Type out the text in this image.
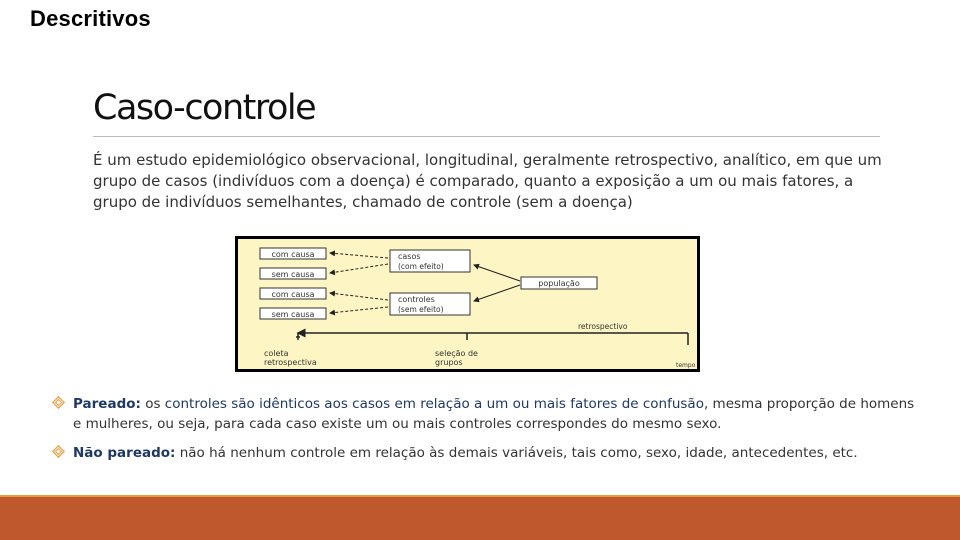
Descritivos
Caso-controle
É um estudo epidemiológico observacional, longitudinal, geralmente retrospectivo, analítico, em que um grupo de casos (indivíduos com a doença) é comparado, quanto a exposição a um ou mais fatores, a grupo de indivíduos semelhantes, chamado de controle (sem a doença)
com causa
sem causa
com causa
sem causa
casos
(com efeito)
controles
(sem efeito)
população
retrospectivo
coleta
retrospectiva
seleção de
grupos	tempo
Pareado: os controles são idênticos aos casos em relação a um ou mais fatores de confusão, mesma proporção de homens e mulheres, ou seja, para cada caso existe um ou mais controles correspondes do mesmo sexo.
Não pareado: não há nenhum controle em relação às demais variáveis, tais como, sexo, idade, antecedentes, etc.
